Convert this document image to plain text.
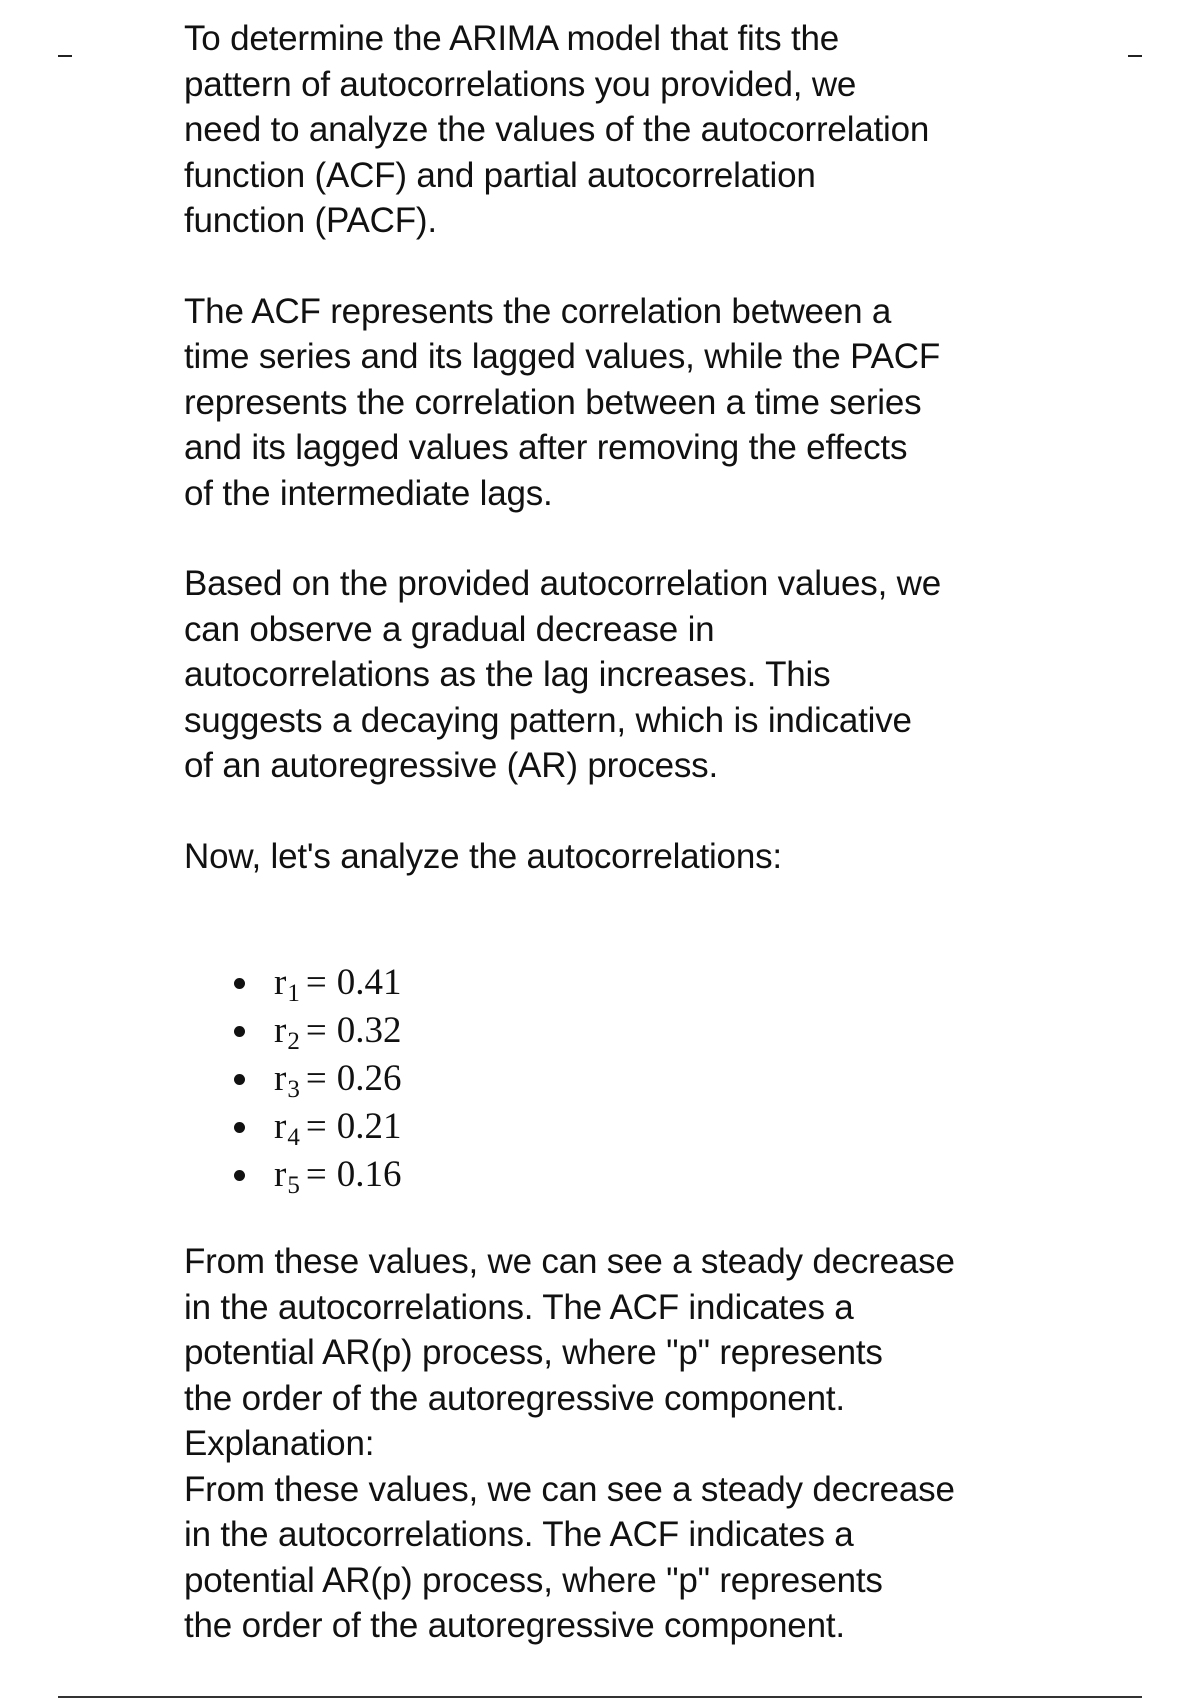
To determine the ARIMA model that fits the
pattern of autocorrelations you provided, we
need to analyze the values of the autocorrelation
function (ACF) and partial autocorrelation
function (PACF).

The ACF represents the correlation between a
time series and its lagged values, while the PACF
represents the correlation between a time series
and its lagged values after removing the effects
of the intermediate lags.

Based on the provided autocorrelation values, we
can observe a gradual decrease in
autocorrelations as the lag increases. This
suggests a decaying pattern, which is indicative
of an autoregressive (AR) process.

Now, let's analyze the autocorrelations:

$r_1 = 0.41$
$r_2 = 0.32$
$r_3 = 0.26$
$r_4 = 0.21$
$r_5 = 0.16$

From these values, we can see a steady decrease
in the autocorrelations. The ACF indicates a
potential AR(p) process, where "p" represents
the order of the autoregressive component.
Explanation:
From these values, we can see a steady decrease
in the autocorrelations. The ACF indicates a
potential AR(p) process, where "p" represents
the order of the autoregressive component.
